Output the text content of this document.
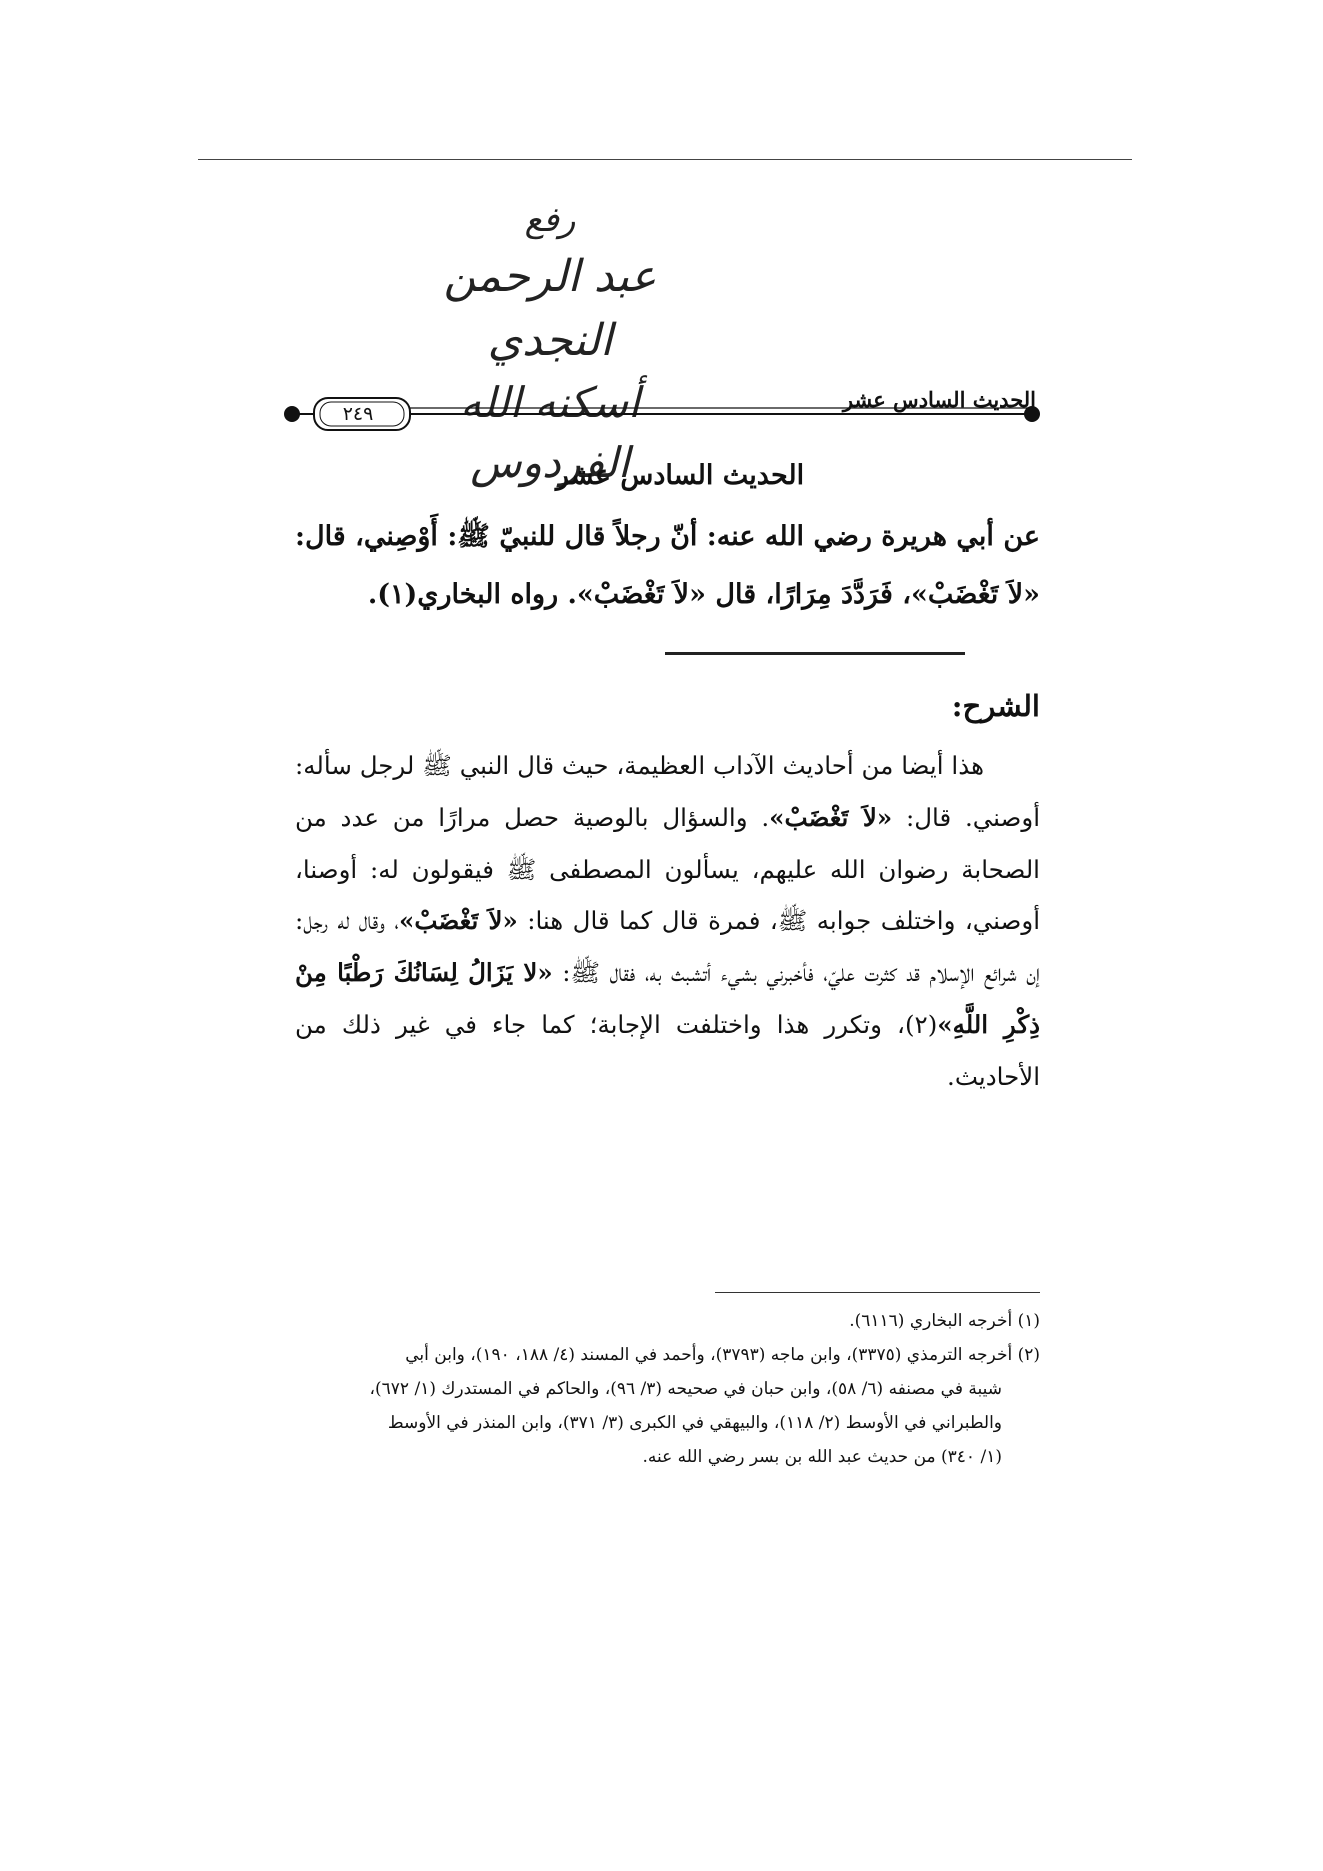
رفع
عبد الرحمن النجدي
أسكنه الله الفردوس
الحديث السادس عشر
٢٤٩
الحديث السادس عشر
عن أبي هريرة رضي الله عنه: أنّ رجلاً قال للنبيّ ﷺ: أَوْصِني، قال: «لاَ تَغْضَبْ»، فَرَدَّدَ مِرَارًا، قال «لاَ تَغْضَبْ». رواه البخاري(١).
الشرح:

هذا أيضا من أحاديث الآداب العظيمة، حيث قال النبي ﷺ لرجل سأله: أوصني. قال: «لاَ تَغْضَبْ». والسؤال بالوصية حصل مرارًا من عدد من الصحابة رضوان الله عليهم، يسألون المصطفى ﷺ فيقولون له: أوصنا، أوصني، واختلف جوابه ﷺ، فمرة قال كما قال هنا: «لاَ تَغْضَبْ»، وقال له رجل: إن شرائع الإسلام قد كثرت عليّ، فأخبرني بشيء أتشبث به، فقال ﷺ: «لا يَزَالُ لِسَانُكَ رَطْبًا مِنْ ذِكْرِ اللَّهِ»(٢)، وتكرر هذا واختلفت الإجابة؛ كما جاء في غير ذلك من الأحاديث.

(١) أخرجه البخاري (٦١١٦).

(٢) أخرجه الترمذي (٣٣٧٥)، وابن ماجه (٣٧٩٣)، وأحمد في المسند (٤/ ١٨٨، ١٩٠)، وابن أبي

شيبة في مصنفه (٦/ ٥٨)، وابن حبان في صحيحه (٣/ ٩٦)، والحاكم في المستدرك (١/ ٦٧٢)،

والطبراني في الأوسط (٢/ ١١٨)، والبيهقي في الكبرى (٣/ ٣٧١)، وابن المنذر في الأوسط

(١/ ٣٤٠) من حديث عبد الله بن بسر رضي الله عنه.
